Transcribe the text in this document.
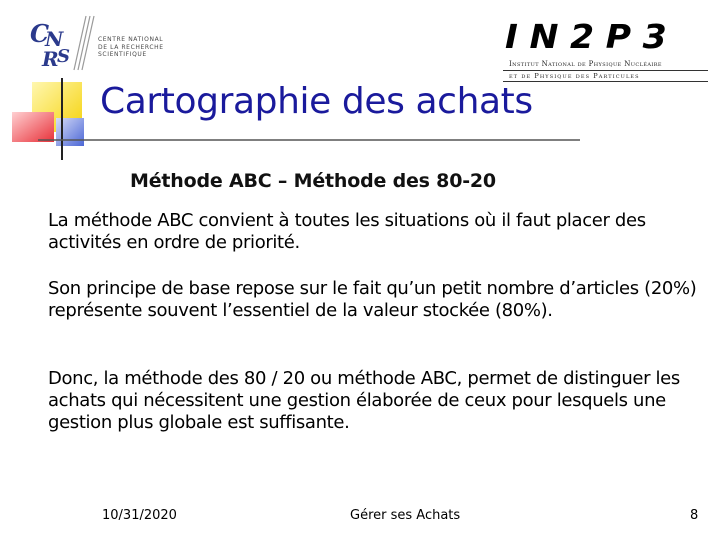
C
N
R
S
CENTRE NATIONAL
DE LA RECHERCHE
SCIENTIFIQUE	IN2P3
Institut National de Physique Nucléaire
et de Physique des Particules
Cartographie des achats
Méthode ABC – Méthode des 80-20
La méthode ABC convient à toutes les situations où il faut placer des activités en ordre de priorité.
Son principe de base repose sur le fait qu’un petit nombre d’articles (20%) représente souvent l’essentiel de la valeur stockée (80%).
Donc, la méthode des 80 / 20 ou méthode ABC, permet de distinguer les achats qui nécessitent une gestion élaborée de ceux pour lesquels une gestion plus globale est suffisante.
10/31/2020	Gérer ses Achats	8
